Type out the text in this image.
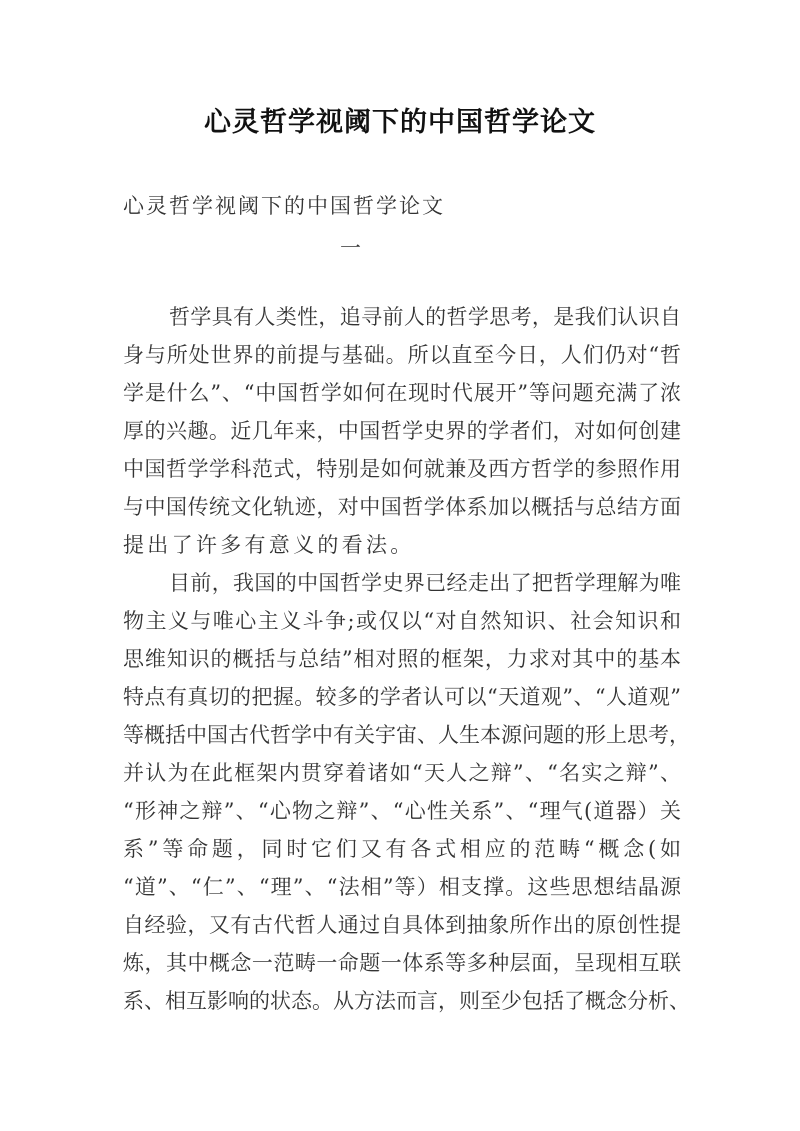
心灵哲学视阈下的中国哲学论文
心灵哲学视阈下的中国哲学论文
一
哲学具有人类性，追寻前人的哲学思考，是我们认识自
身与所处世界的前提与基础。所以直至今日，人们仍对“哲
学是什么”、“中国哲学如何在现时代展开”等问题充满了浓
厚的兴趣。近几年来，中国哲学史界的学者们，对如何创建
中国哲学学科范式，特别是如何就兼及西方哲学的参照作用
与中国传统文化轨迹，对中国哲学体系加以概括与总结方面
提出了许多有意义的看法。
目前，我国的中国哲学史界已经走出了把哲学理解为唯
物主义与唯心主义斗争;或仅以“对自然知识、社会知识和
思维知识的概括与总结”相对照的框架，力求对其中的基本
特点有真切的把握。较多的学者认可以“天道观”、“人道观”
等概括中国古代哲学中有关宇宙、人生本源问题的形上思考，
并认为在此框架内贯穿着诸如“天人之辩”、“名实之辩”、
“形神之辩”、“心物之辩”、“心性关系”、“理气(道器）关
系”等命题，同时它们又有各式相应的范畴“概念(如
“道”、“仁”、“理”、“法相”等）相支撑。这些思想结晶源
自经验，又有古代哲人通过自具体到抽象所作出的原创性提
炼，其中概念一范畴一命题一体系等多种层面，呈现相互联
系、相互影响的状态。从方法而言，则至少包括了概念分析、
